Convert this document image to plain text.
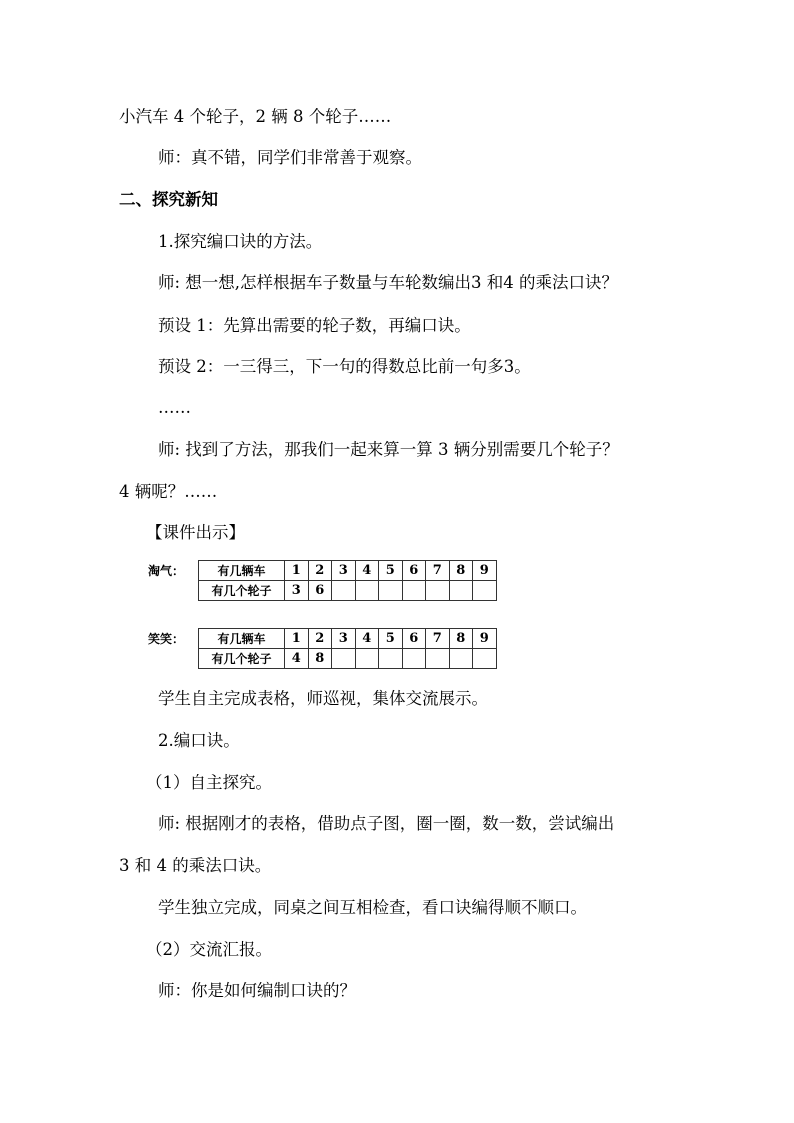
小汽车 4 个轮子，2 辆 8 个轮子……
师：真不错，同学们非常善于观察。
二、探究新知
1.探究编口诀的方法。
师: 想一想,怎样根据车子数量与车轮数编出3 和4 的乘法口诀？
预设 1：先算出需要的轮子数，再编口诀。
预设 2：一三得三，下一句的得数总比前一句多3。
……
师: 找到了方法，那我们一起来算一算 3 辆分别需要几个轮子？
4 辆呢？……
【课件出示】
淘气：	有几辆车	1	2	3	4	5	6	7	8	9
有几个轮子	3	6							
笑笑：	有几辆车	1	2	3	4	5	6	7	8	9
有几个轮子	4	8							
学生自主完成表格，师巡视，集体交流展示。
2.编口诀。
（1）自主探究。
师: 根据刚才的表格，借助点子图，圈一圈，数一数，尝试编出
3 和 4 的乘法口诀。
学生独立完成，同桌之间互相检查，看口诀编得顺不顺口。
（2）交流汇报。
师：你是如何编制口诀的？
